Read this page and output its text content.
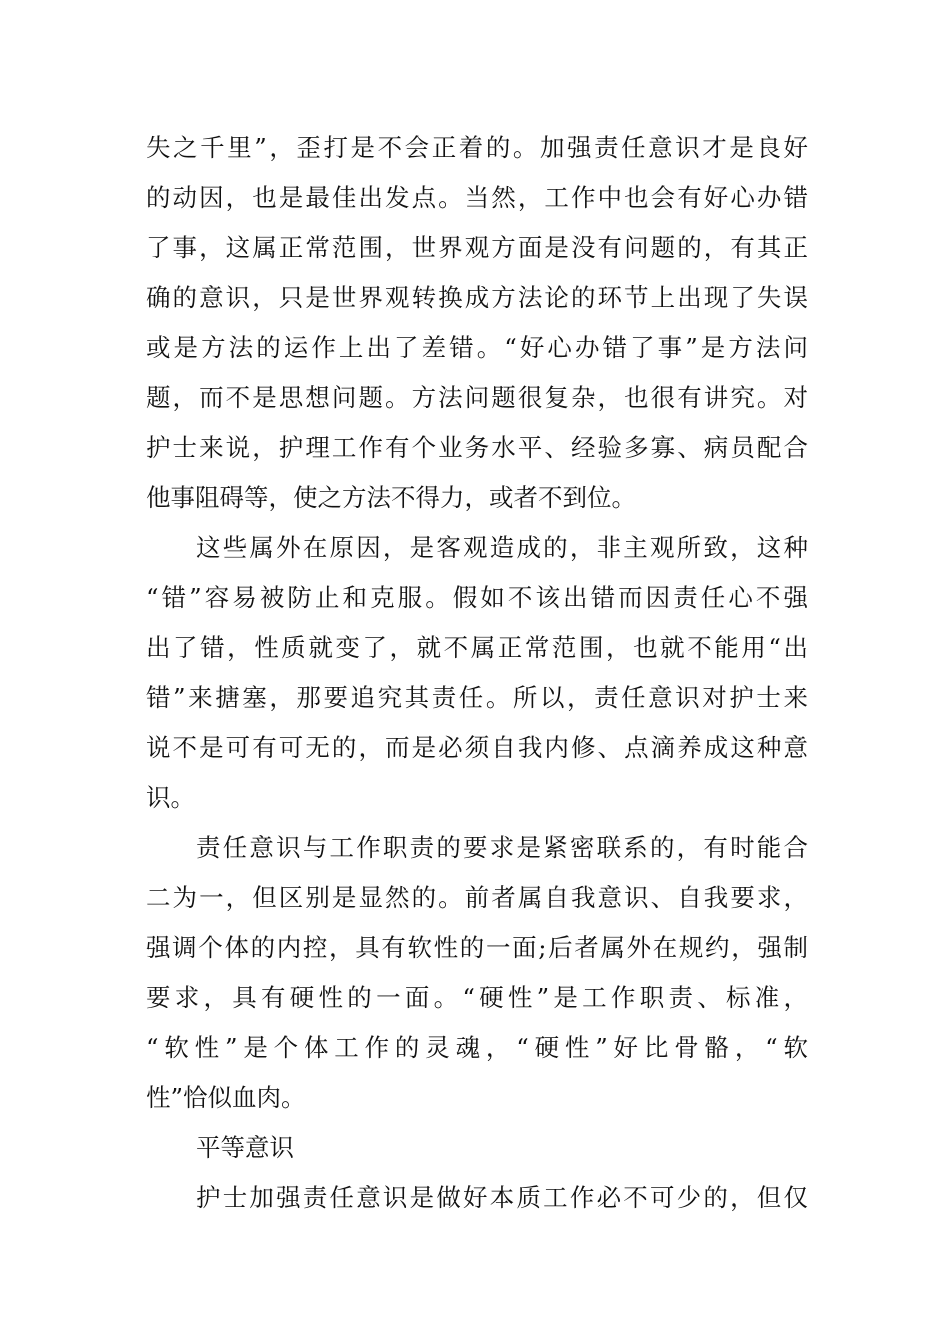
失之千里”，歪打是不会正着的。加强责任意识才是良好
的动因，也是最佳出发点。当然，工作中也会有好心办错
了事，这属正常范围，世界观方面是没有问题的，有其正
确的意识，只是世界观转换成方法论的环节上出现了失误
或是方法的运作上出了差错。“好心办错了事”是方法问
题，而不是思想问题。方法问题很复杂，也很有讲究。对
护士来说，护理工作有个业务水平、经验多寡、病员配合
他事阻碍等，使之方法不得力，或者不到位。
这些属外在原因，是客观造成的，非主观所致，这种
“错”容易被防止和克服。假如不该出错而因责任心不强
出了错，性质就变了，就不属正常范围，也就不能用“出
错”来搪塞，那要追究其责任。所以，责任意识对护士来
说不是可有可无的，而是必须自我内修、点滴养成这种意
识。
责任意识与工作职责的要求是紧密联系的，有时能合
二为一，但区别是显然的。前者属自我意识、自我要求，
强调个体的内控，具有软性的一面;后者属外在规约，强制
要求，具有硬性的一面。“硬性”是工作职责、标准，
“软性”是个体工作的灵魂，“硬性”好比骨骼，“软
性”恰似血肉。
平等意识
护士加强责任意识是做好本质工作必不可少的，但仅
